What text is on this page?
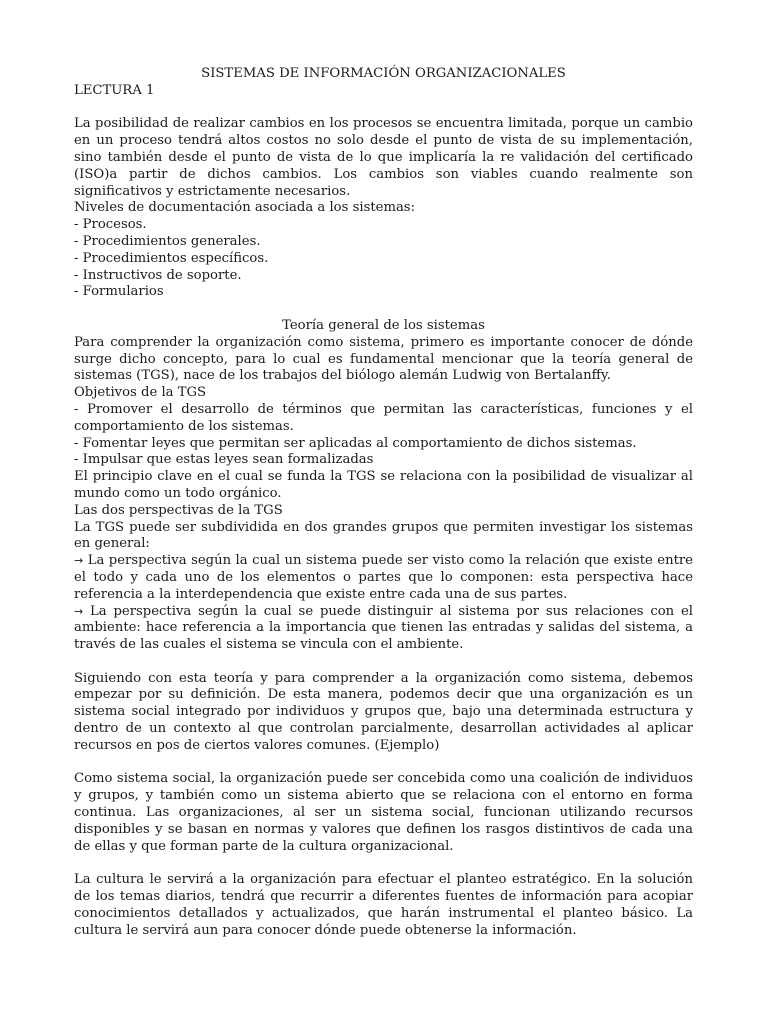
SISTEMAS DE INFORMACIÓN ORGANIZACIONALES

LECTURA 1

La posibilidad de realizar cambios en los procesos se encuentra limitada, porque un cambio en un proceso tendrá altos costos no solo desde el punto de vista de su implementación, sino también desde el punto de vista de lo que implicaría la re validación del certificado (ISO)a partir de dichos cambios. Los cambios son viables cuando realmente son significativos y estrictamente necesarios.

Niveles de documentación asociada a los sistemas:

- Procesos.

- Procedimientos generales.

- Procedimientos específicos.

- Instructivos de soporte.

- Formularios

Teoría general de los sistemas

Para comprender la organización como sistema, primero es importante conocer de dónde surge dicho concepto, para lo cual es fundamental mencionar que la teoría general de sistemas (TGS), nace de los trabajos del biólogo alemán Ludwig von Bertalanffy.

Objetivos de la TGS

- Promover el desarrollo de términos que permitan las características, funciones y el comportamiento de los sistemas.

- Fomentar leyes que permitan ser aplicadas al comportamiento de dichos sistemas.

- Impulsar que estas leyes sean formalizadas

El principio clave en el cual se funda la TGS se relaciona con la posibilidad de visualizar al mundo como un todo orgánico.

Las dos perspectivas de la TGS

La TGS puede ser subdividida en dos grandes grupos que permiten investigar los sistemas en general:

→ La perspectiva según la cual un sistema puede ser visto como la relación que existe entre el todo y cada uno de los elementos o partes que lo componen: esta perspectiva hace referencia a la interdependencia que existe entre cada una de sus partes.

→ La perspectiva según la cual se puede distinguir al sistema por sus relaciones con el ambiente: hace referencia a la importancia que tienen las entradas y salidas del sistema, a través de las cuales el sistema se vincula con el ambiente.

Siguiendo con esta teoría y para comprender a la organización como sistema, debemos empezar por su definición. De esta manera, podemos decir que una organización es un sistema social integrado por individuos y grupos que, bajo una determinada estructura y dentro de un contexto al que controlan parcialmente, desarrollan actividades al aplicar recursos en pos de ciertos valores comunes. (Ejemplo)

Como sistema social, la organización puede ser concebida como una coalición de individuos y grupos, y también como un sistema abierto que se relaciona con el entorno en forma continua. Las organizaciones, al ser un sistema social, funcionan utilizando recursos disponibles y se basan en normas y valores que definen los rasgos distintivos de cada una de ellas y que forman parte de la cultura organizacional.

La cultura le servirá a la organización para efectuar el planteo estratégico. En la solución de los temas diarios, tendrá que recurrir a diferentes fuentes de información para acopiar conocimientos detallados y actualizados, que harán instrumental el planteo básico. La cultura le servirá aun para conocer dónde puede obtenerse la información.
